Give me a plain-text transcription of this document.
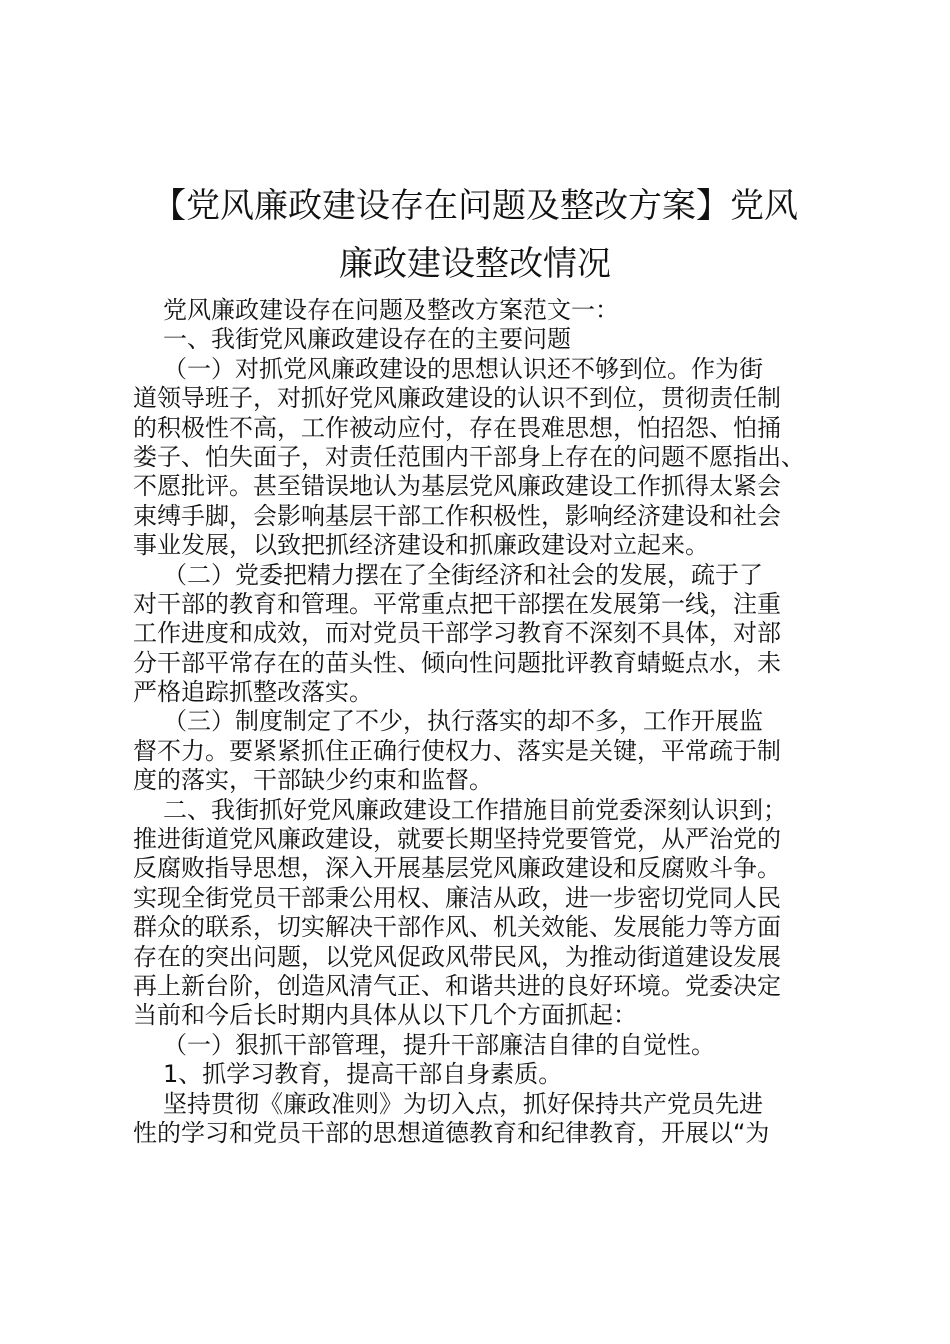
【党风廉政建设存在问题及整改方案】党风
廉政建设整改情况
党风廉政建设存在问题及整改方案范文一：
一、我街党风廉政建设存在的主要问题
（一）对抓党风廉政建设的思想认识还不够到位。作为街
道领导班子，对抓好党风廉政建设的认识不到位，贯彻责任制
的积极性不高，工作被动应付，存在畏难思想，怕招怨、怕捅
娄子、怕失面子，对责任范围内干部身上存在的问题不愿指出、
不愿批评。甚至错误地认为基层党风廉政建设工作抓得太紧会
束缚手脚，会影响基层干部工作积极性，影响经济建设和社会
事业发展，以致把抓经济建设和抓廉政建设对立起来。
（二）党委把精力摆在了全街经济和社会的发展，疏于了
对干部的教育和管理。平常重点把干部摆在发展第一线，注重
工作进度和成效，而对党员干部学习教育不深刻不具体，对部
分干部平常存在的苗头性、倾向性问题批评教育蜻蜓点水，未
严格追踪抓整改落实。
（三）制度制定了不少，执行落实的却不多，工作开展监
督不力。要紧紧抓住正确行使权力、落实是关键，平常疏于制
度的落实，干部缺少约束和监督。
二、我街抓好党风廉政建设工作措施目前党委深刻认识到；
推进街道党风廉政建设，就要长期坚持党要管党，从严治党的
反腐败指导思想，深入开展基层党风廉政建设和反腐败斗争。
实现全街党员干部秉公用权、廉洁从政，进一步密切党同人民
群众的联系，切实解决干部作风、机关效能、发展能力等方面
存在的突出问题，以党风促政风带民风，为推动街道建设发展
再上新台阶，创造风清气正、和谐共进的良好环境。党委决定
当前和今后长时期内具体从以下几个方面抓起：
（一）狠抓干部管理，提升干部廉洁自律的自觉性。
1、抓学习教育，提高干部自身素质。
坚持贯彻《廉政准则》为切入点，抓好保持共产党员先进
性的学习和党员干部的思想道德教育和纪律教育，开展以“为
